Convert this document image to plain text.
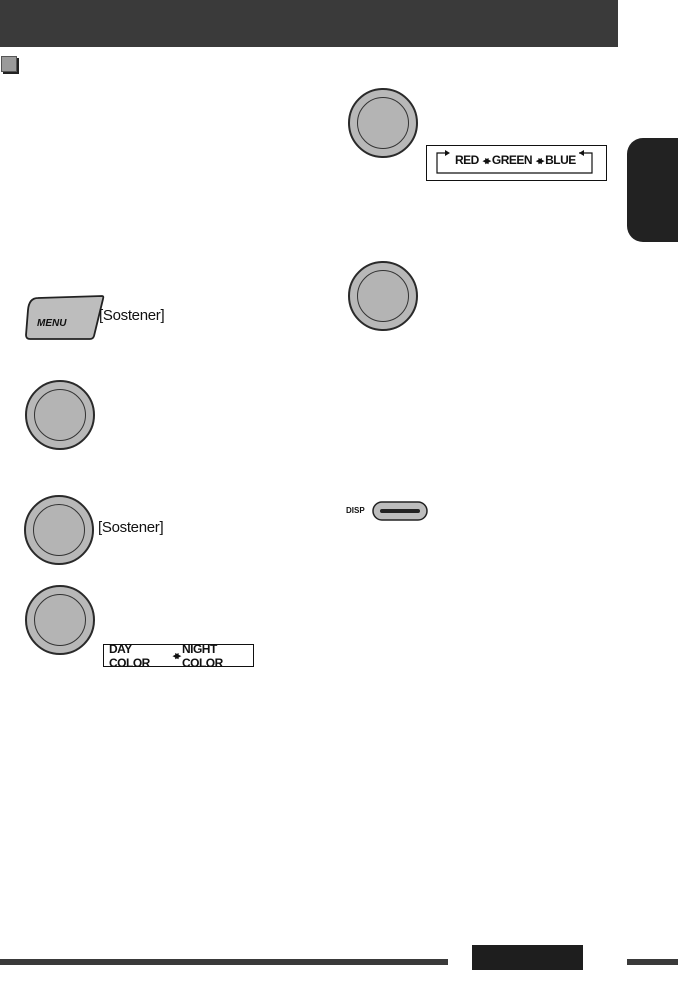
MENU [Sostener]
[Sostener]
DAY COLOR	◂▸
NIGHT COLOR
RED ◂▸ GREEN ◂▸ BLUE
DISP
